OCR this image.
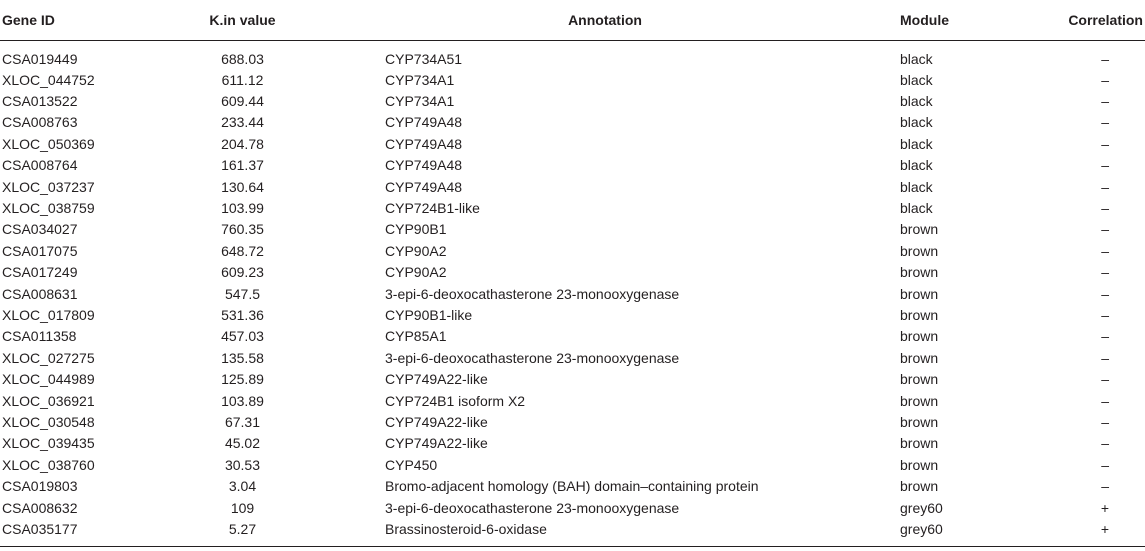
Gene ID	K.in value	Annotation	Module	Correlation
CSA019449	688.03	CYP734A51	black	–
XLOC_044752	611.12	CYP734A1	black	–
CSA013522	609.44	CYP734A1	black	–
CSA008763	233.44	CYP749A48	black	–
XLOC_050369	204.78	CYP749A48	black	–
CSA008764	161.37	CYP749A48	black	–
XLOC_037237	130.64	CYP749A48	black	–
XLOC_038759	103.99	CYP724B1-like	black	–
CSA034027	760.35	CYP90B1	brown	–
CSA017075	648.72	CYP90A2	brown	–
CSA017249	609.23	CYP90A2	brown	–
CSA008631	547.5	3-epi-6-deoxocathasterone 23-monooxygenase	brown	–
XLOC_017809	531.36	CYP90B1-like	brown	–
CSA011358	457.03	CYP85A1	brown	–
XLOC_027275	135.58	3-epi-6-deoxocathasterone 23-monooxygenase	brown	–
XLOC_044989	125.89	CYP749A22-like	brown	–
XLOC_036921	103.89	CYP724B1 isoform X2	brown	–
XLOC_030548	67.31	CYP749A22-like	brown	–
XLOC_039435	45.02	CYP749A22-like	brown	–
XLOC_038760	30.53	CYP450	brown	–
CSA019803	3.04	Bromo-adjacent homology (BAH) domain–containing protein	brown	–
CSA008632	109	3-epi-6-deoxocathasterone 23-monooxygenase	grey60	+
CSA035177	5.27	Brassinosteroid-6-oxidase	grey60	+
